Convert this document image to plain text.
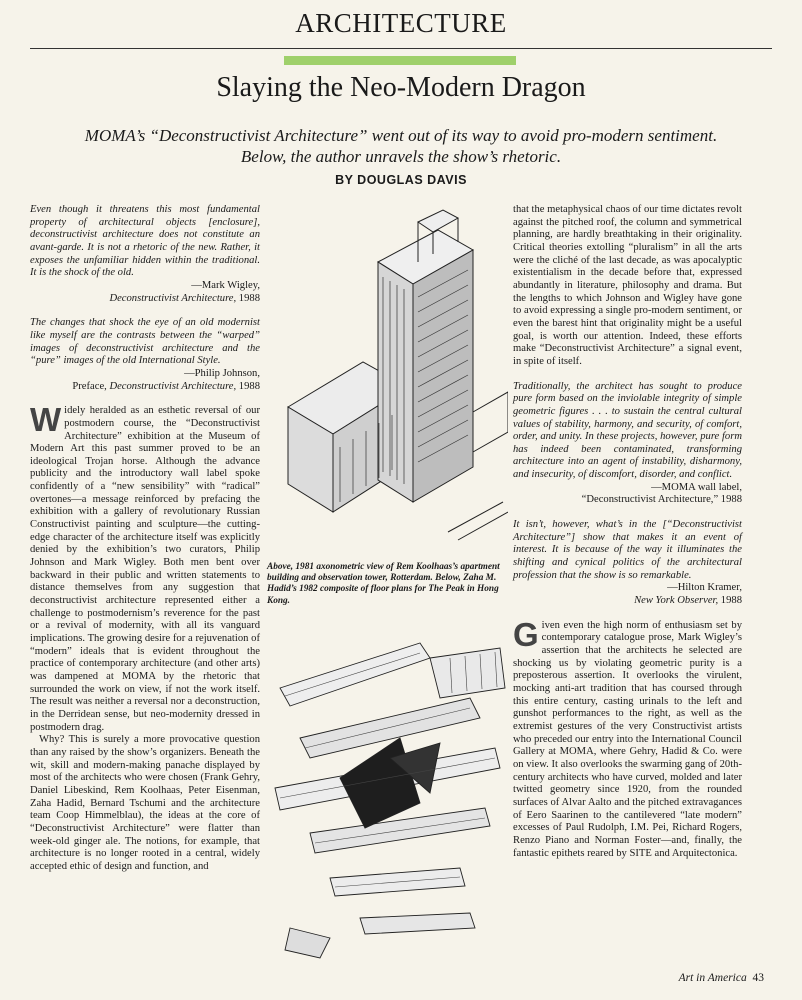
ARCHITECTURE
Slaying the Neo-Modern Dragon
MOMA’s “Deconstructivist Architecture” went out of its way to avoid pro-modern sentiment. Below, the author unravels the show’s rhetoric.
BY DOUGLAS DAVIS

Even though it threatens this most fundamental property of architectural objects [enclosure], deconstructivist architecture does not constitute an avant-garde. It is not a rhetoric of the new. Rather, it exposes the unfamiliar hidden within the traditional. It is the shock of the old.

—Mark Wigley,

Deconstructivist Architecture, 1988

The changes that shock the eye of an old modernist like myself are the contrasts between the “warped” images of deconstructivist architecture and the “pure” images of the old International Style.

—Philip Johnson,

Preface, Deconstructivist Architecture, 1988

Widely heralded as an esthetic reversal of our postmodern course, the “Deconstructivist Architecture” exhibition at the Museum of Modern Art this past summer proved to be an ideological Trojan horse. Although the advance publicity and the introductory wall label spoke confidently of a “new sensibility” with “radical” overtones—a message reinforced by prefacing the exhibition with a gallery of revolutionary Russian Constructivist painting and sculpture—the cutting-edge character of the architecture itself was explicitly denied by the exhibition’s two curators, Philip Johnson and Mark Wigley. Both men bent over backward in their public and written statements to distance themselves from any suggestion that deconstructivist architecture represented either a challenge to postmodernism’s reverence for the past or a revival of modernity, with all its vanguard implications. The growing desire for a rejuvenation of “modern” ideals that is evident throughout the practice of contemporary architecture (and other arts) was dampened at MOMA by the rhetoric that surrounded the work on view, if not the work itself. The result was neither a reversal nor a deconstruction, in the Derridean sense, but neo-modernity dressed in postmodern drag.

Why? This is surely a more provocative question than any raised by the show’s organizers. Beneath the wit, skill and modern-making panache displayed by most of the architects who were chosen (Frank Gehry, Daniel Libeskind, Rem Koolhaas, Peter Eisenman, Zaha Hadid, Bernard Tschumi and the architecture team Coop Himmelblau), the ideas at the core of “Deconstructivist Architecture” were flatter than week-old ginger ale. The notions, for example, that architecture is no longer rooted in a central, widely accepted ethic of design and function, and

Above, 1981 axonometric view of Rem Koolhaas’s apartment building and observation tower, Rotterdam. Below, Zaha M. Hadid’s 1982 composite of floor plans for The Peak in Hong Kong.

that the metaphysical chaos of our time dictates revolt against the pitched roof, the column and symmetrical planning, are hardly breathtaking in their originality. Critical theories extolling “pluralism” in all the arts were the cliché of the last decade, as was apocalyptic existentialism in the decade before that, expressed abundantly in literature, philosophy and drama. But the lengths to which Johnson and Wigley have gone to avoid expressing a single pro-modern sentiment, or even the barest hint that originality might be a useful goal, is worth our attention. Indeed, these efforts make “Deconstructivist Architecture” a signal event, in spite of itself.

Traditionally, the architect has sought to produce pure form based on the inviolable integrity of simple geometric figures . . . to sustain the central cultural values of stability, harmony, and security, of comfort, order, and unity. In these projects, however, pure form has indeed been contaminated, transforming architecture into an agent of instability, disharmony, and insecurity, of discomfort, disorder, and conflict.

—MOMA wall label,

“Deconstructivist Architecture,” 1988

It isn’t, however, what’s in the [“Deconstructivist Architecture”] show that makes it an event of interest. It is because of the way it illuminates the shifting and cynical politics of the architectural profession that the show is so remarkable.

—Hilton Kramer,

New York Observer, 1988

Given even the high norm of enthusiasm set by contemporary catalogue prose, Mark Wigley’s assertion that the architects he selected are shocking us by violating geometric purity is a preposterous assertion. It overlooks the virulent, mocking anti-art tradition that has coursed through this entire century, casting urinals to the left and gunshot performances to the right, as well as the extremist gestures of the very Constructivist artists who preceded our entry into the International Council Gallery at MOMA, where Gehry, Hadid & Co. were on view. It also overlooks the swarming gang of 20th-century architects who have curved, molded and later twitted geometry since 1920, from the rounded surfaces of Alvar Aalto and the pitched extravagances of Eero Saarinen to the cantilevered “late modern” excesses of Paul Rudolph, I.M. Pei, Richard Rogers, Renzo Piano and Norman Foster—and, finally, the fantastic epithets reared by SITE and Arquitectonica.

Art in America 43
